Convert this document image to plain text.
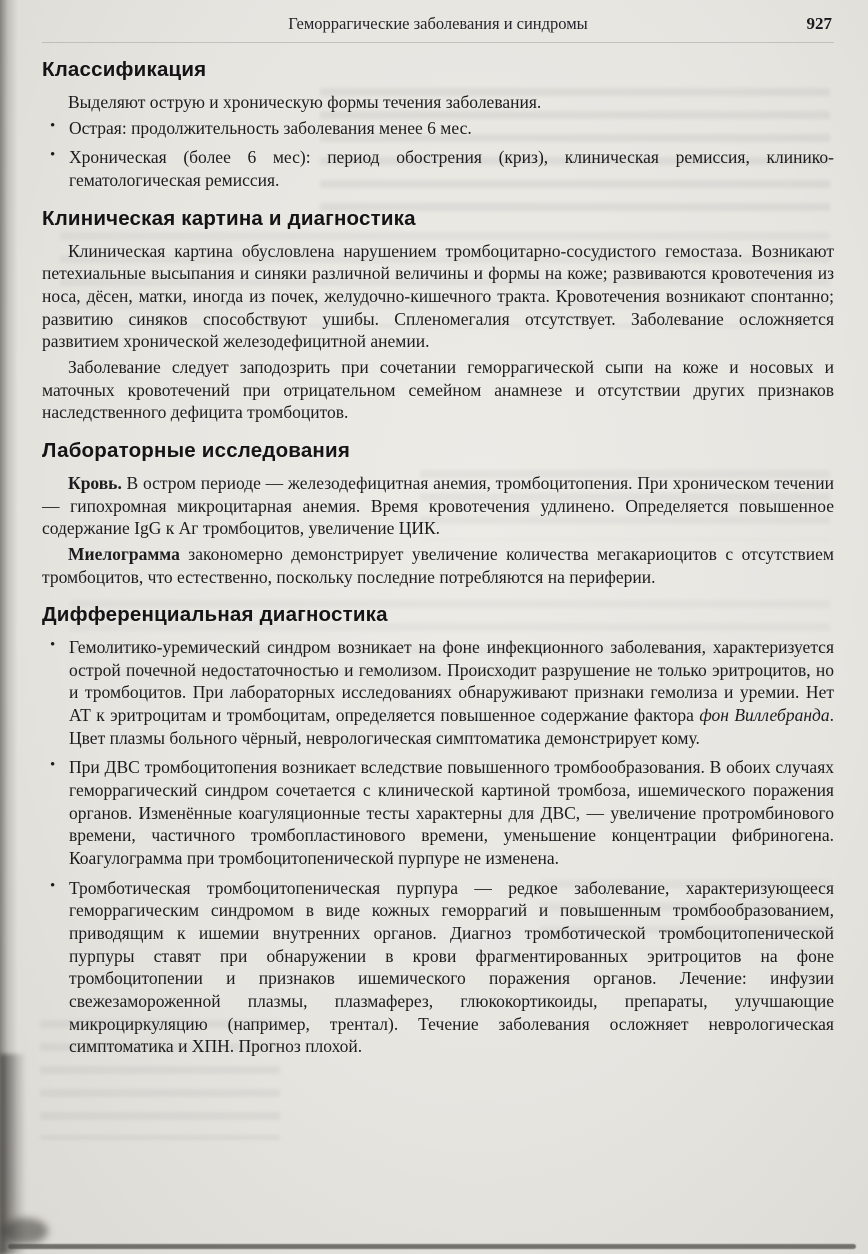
Геморрагические заболевания и синдромы	927
Классификация

Выделяют острую и хроническую формы течения заболевания.

• Острая: продолжительность заболевания менее 6 мес.
• Хроническая (более 6 мес): период обострения (криз), клиническая ремиссия, клинико-гематологическая ремиссия.
Клиническая картина и диагностика

Клиническая картина обусловлена нарушением тромбоцитарно-сосудистого гемостаза. Возникают петехиальные высыпания и синяки различной величины и формы на коже; развиваются кровотечения из носа, дёсен, матки, иногда из почек, желудочно-кишечного тракта. Кровотечения возникают спонтанно; развитию синяков способствуют ушибы. Спленомегалия отсутствует. Заболевание осложняется развитием хронической железодефицитной анемии.

Заболевание следует заподозрить при сочетании геморрагической сыпи на коже и носовых и маточных кровотечений при отрицательном семейном анамнезе и отсутствии других признаков наследственного дефицита тромбоцитов.

Лабораторные исследования

Кровь. В остром периоде — железодефицитная анемия, тромбоцитопения. При хроническом течении — гипохромная микроцитарная анемия. Время кровотечения удлинено. Определяется повышенное содержание IgG к Аг тромбоцитов, увеличение ЦИК.

Миелограмма закономерно демонстрирует увеличение количества мегакариоцитов с отсутствием тромбоцитов, что естественно, поскольку последние потребляются на периферии.

Дифференциальная диагностика
• Гемолитико-уремический синдром возникает на фоне инфекционного заболевания, характеризуется острой почечной недостаточностью и гемолизом. Происходит разрушение не только эритроцитов, но и тромбоцитов. При лабораторных исследованиях обнаруживают признаки гемолиза и уремии. Нет АТ к эритроцитам и тромбоцитам, определяется повышенное содержание фактора фон Виллебранда. Цвет плазмы больного чёрный, неврологическая симптоматика демонстрирует кому.
• При ДВС тромбоцитопения возникает вследствие повышенного тромбообразования. В обоих случаях геморрагический синдром сочетается с клинической картиной тромбоза, ишемического поражения органов. Изменённые коагуляционные тесты характерны для ДВС, — увеличение протромбинового времени, частичного тромбопластинового времени, уменьшение концентрации фибриногена. Коагулограмма при тромбоцитопенической пурпуре не изменена.
• Тромботическая тромбоцитопеническая пурпура — редкое заболевание, характеризующееся геморрагическим синдромом в виде кожных геморрагий и повышенным тромбообразованием, приводящим к ишемии внутренних органов. Диагноз тромботической тромбоцитопенической пурпуры ставят при обнаружении в крови фрагментированных эритроцитов на фоне тромбоцитопении и признаков ишемического поражения органов. Лечение: инфузии свежезамороженной плазмы, плазмаферез, глюкокортикоиды, препараты, улучшающие микроциркуляцию (например, трентал). Течение заболевания осложняет неврологическая симптоматика и ХПН. Прогноз плохой.
